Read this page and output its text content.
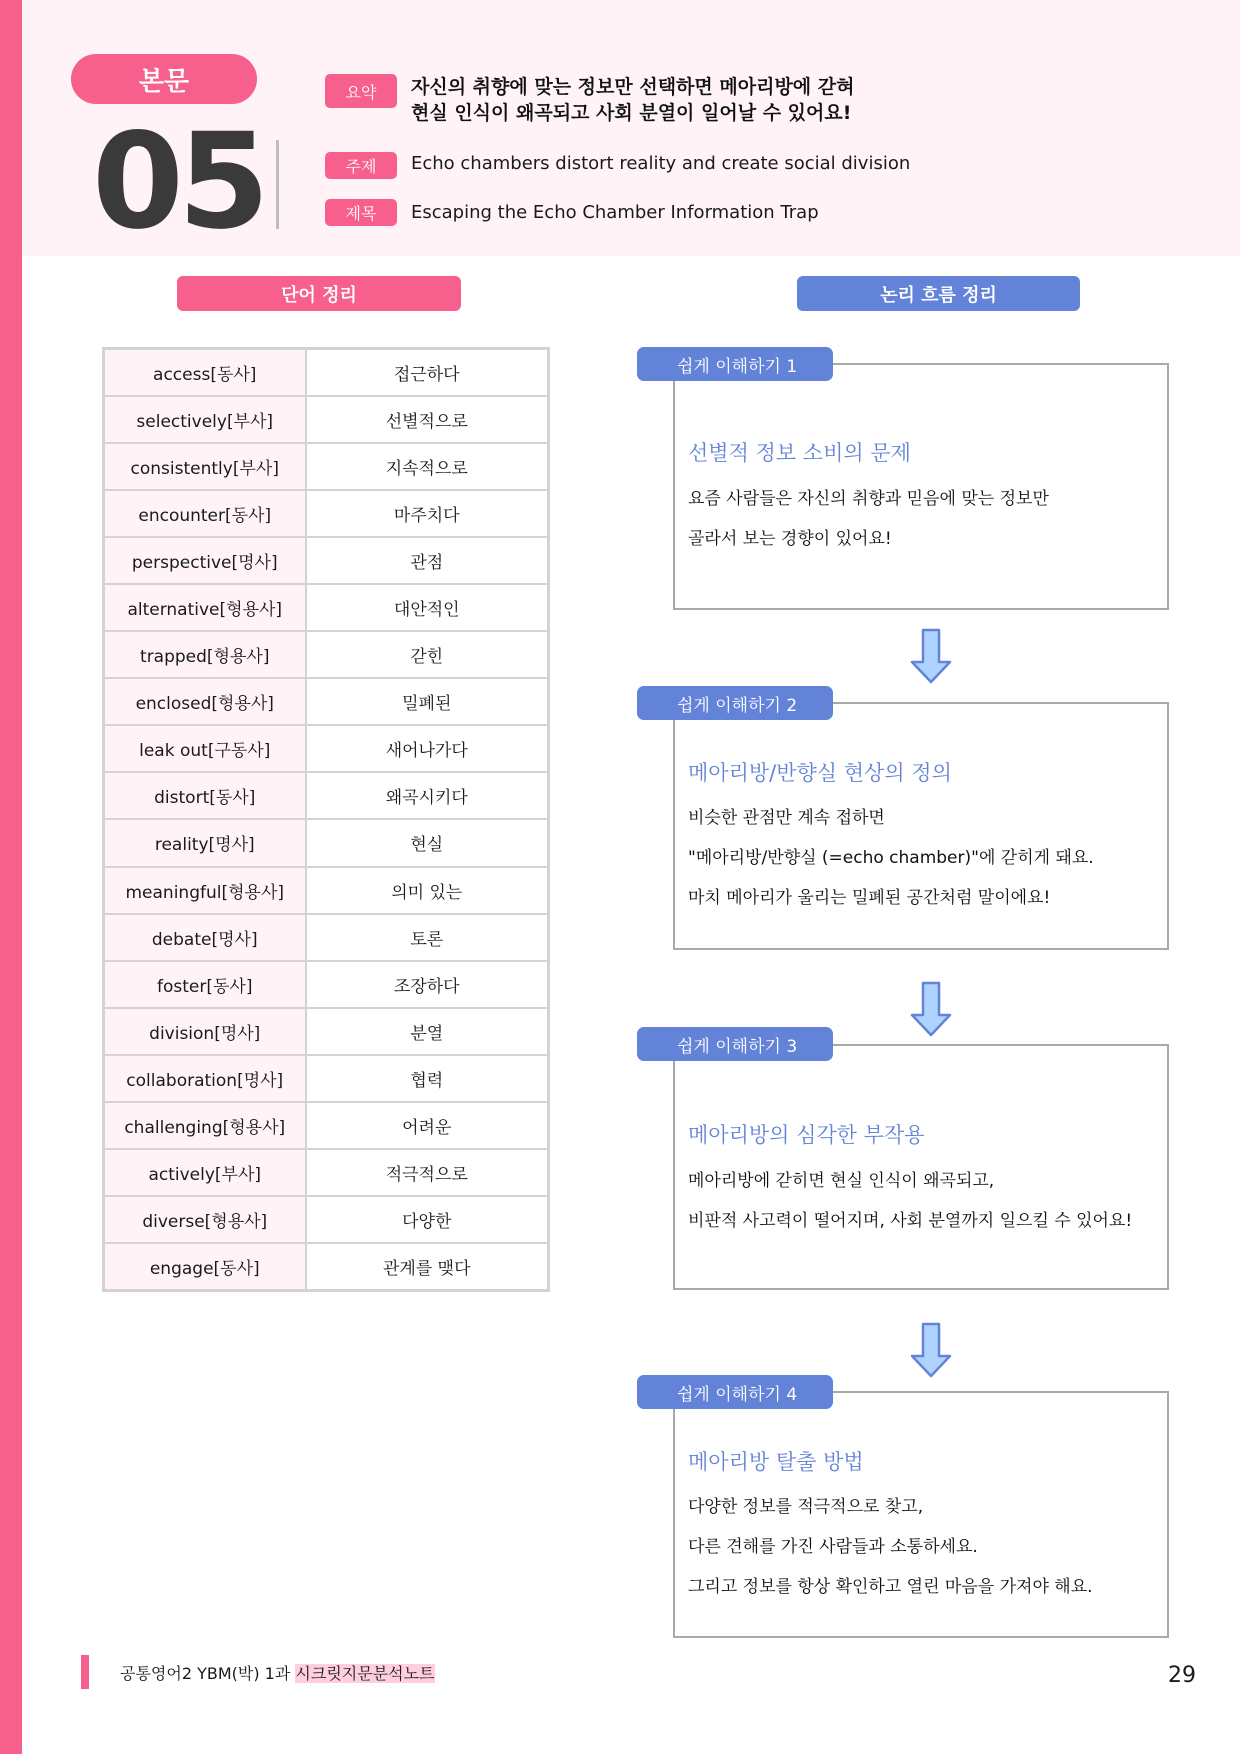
본문
05
요약	자신의 취향에 맞는 정보만 선택하면 메아리방에 갇혀
현실 인식이 왜곡되고 사회 분열이 일어날 수 있어요!
주제	Echo chambers distort reality and create social division
제목	Escaping the Echo Chamber Information Trap
단어 정리	논리 흐름 정리
access[동사]	접근하다
selectively[부사]	선별적으로
consistently[부사]	지속적으로
encounter[동사]	마주치다
perspective[명사]	관점
alternative[형용사]	대안적인
trapped[형용사]	갇힌
enclosed[형용사]	밀폐된
leak out[구동사]	새어나가다
distort[동사]	왜곡시키다
reality[명사]	현실
meaningful[형용사]	의미 있는
debate[명사]	토론
foster[동사]	조장하다
division[명사]	분열
collaboration[명사]	협력
challenging[형용사]	어려운
actively[부사]	적극적으로
diverse[형용사]	다양한
engage[동사]	관계를 맺다
쉽게 이해하기 1
선별적 정보 소비의 문제
요즘 사람들은 자신의 취향과 믿음에 맞는 정보만
골라서 보는 경향이 있어요!
쉽게 이해하기 2
메아리방/반향실 현상의 정의
비슷한 관점만 계속 접하면
"메아리방/반향실 (=echo chamber)"에 갇히게 돼요.
마치 메아리가 울리는 밀폐된 공간처럼 말이에요!
쉽게 이해하기 3
메아리방의 심각한 부작용
메아리방에 갇히면 현실 인식이 왜곡되고,
비판적 사고력이 떨어지며, 사회 분열까지 일으킬 수 있어요!
쉽게 이해하기 4
메아리방 탈출 방법
다양한 정보를 적극적으로 찾고,
다른 견해를 가진 사람들과 소통하세요.
그리고 정보를 항상 확인하고 열린 마음을 가져야 해요.
공통영어2 YBM(박) 1과 시크릿지문분석노트	29
